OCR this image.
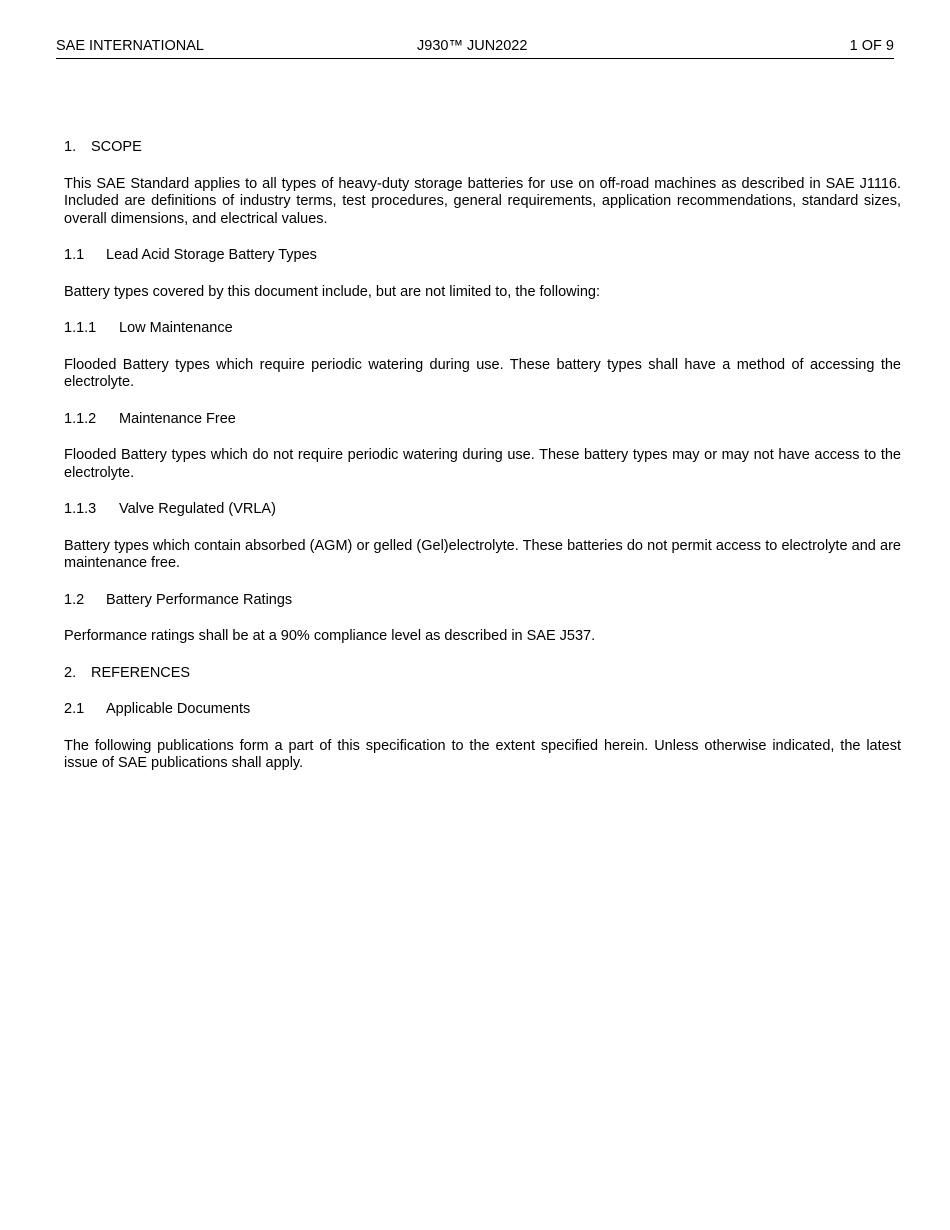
SAE INTERNATIONAL	J930™ JUN2022	1 OF 9
1. SCOPE

This SAE Standard applies to all types of heavy-duty storage batteries for use on off-road machines as described in SAE J1116. Included are definitions of industry terms, test procedures, general requirements, application recommendations, standard sizes, overall dimensions, and electrical values.

1.1 Lead Acid Storage Battery Types

Battery types covered by this document include, but are not limited to, the following:

1.1.1 Low Maintenance

Flooded Battery types which require periodic watering during use. These battery types shall have a method of accessing the electrolyte.

1.1.2 Maintenance Free

Flooded Battery types which do not require periodic watering during use. These battery types may or may not have access to the electrolyte.

1.1.3 Valve Regulated (VRLA)

Battery types which contain absorbed (AGM) or gelled (Gel)electrolyte. These batteries do not permit access to electrolyte and are maintenance free.

1.2 Battery Performance Ratings

Performance ratings shall be at a 90% compliance level as described in SAE J537.

2. REFERENCES
2.1 Applicable Documents

The following publications form a part of this specification to the extent specified herein. Unless otherwise indicated, the latest issue of SAE publications shall apply.
